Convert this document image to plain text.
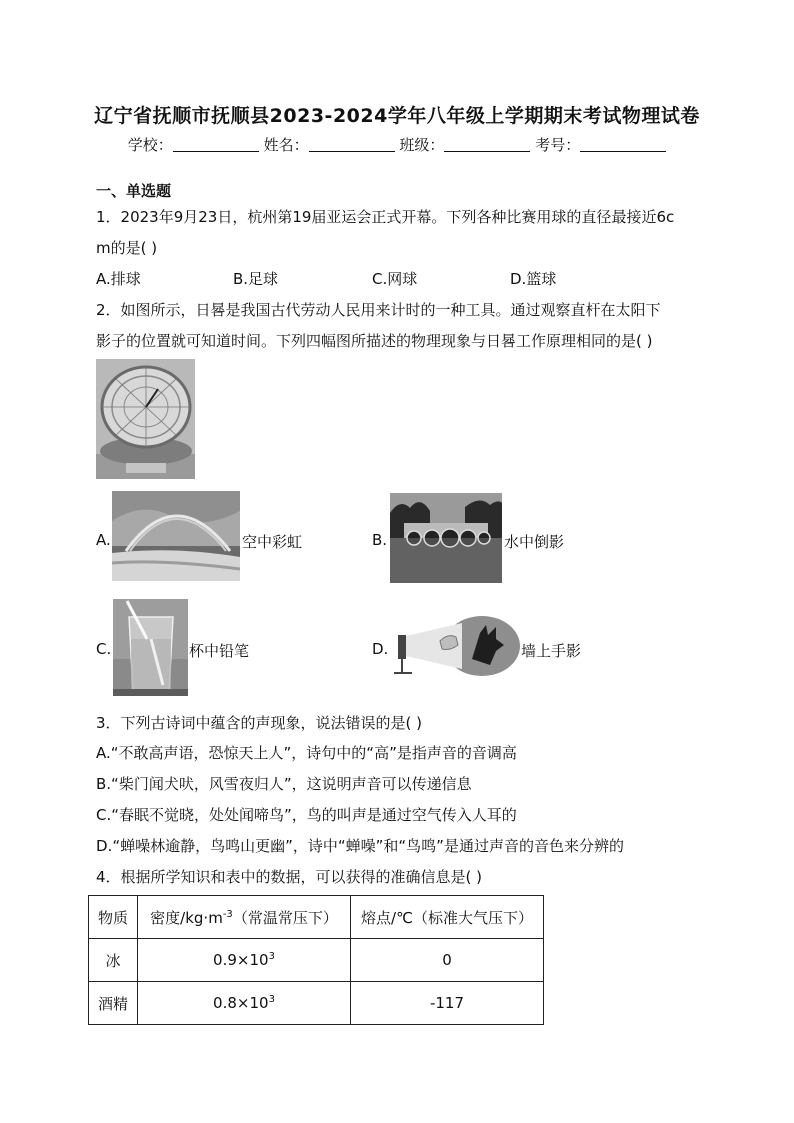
辽宁省抚顺市抚顺县2023-2024学年八年级上学期期末考试物理试卷
学校：	姓名：	班级：	考号：
一、单选题
1．2023年9月23日，杭州第19届亚运会正式开幕。下列各种比赛用球的直径最接近6c
m的是( )
A.排球	B.足球	C.网球	D.篮球
2．如图所示，日晷是我国古代劳动人民用来计时的一种工具。通过观察直杆在太阳下
影子的位置就可知道时间。下列四幅图所描述的物理现象与日晷工作原理相同的是( )
A.	空中彩虹	B.	水中倒影
C.	杯中铅笔	D.	墙上手影
3．下列古诗词中蕴含的声现象，说法错误的是( )
A.“不敢高声语，恐惊天上人”，诗句中的“高”是指声音的音调高
B.“柴门闻犬吠，风雪夜归人”，这说明声音可以传递信息
C.“春眠不觉晓，处处闻啼鸟”，鸟的叫声是通过空气传入人耳的
D.“蝉噪林逾静，鸟鸣山更幽”，诗中“蝉噪”和“鸟鸣”是通过声音的音色来分辨的
4．根据所学知识和表中的数据，可以获得的准确信息是( )
物质	密度$/kg\cdot m^{-3}$（常温常压下）	熔点/℃（标准大气压下）
冰	$0.9\times 10^3$	0
酒精	$0.8\times 10^3$	-117
